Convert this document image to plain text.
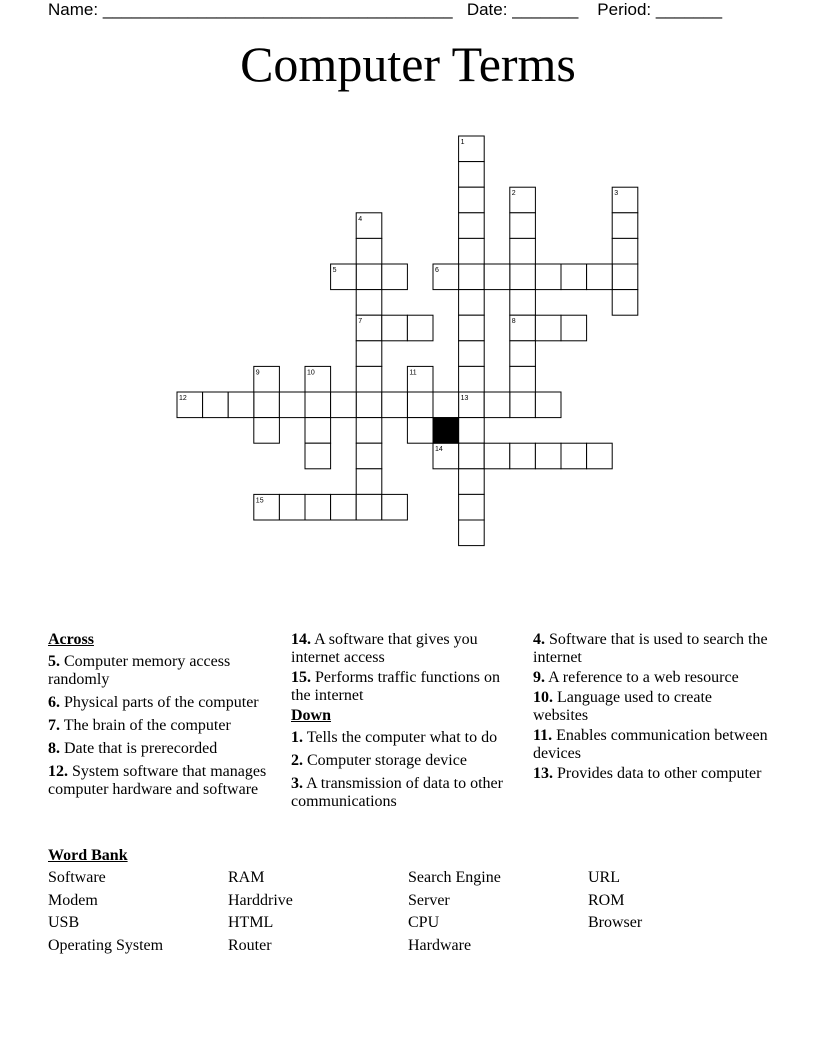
Name: _____________________________________ Date: _______ Period: _______
Computer Terms
1
2	3
4
5	6
7	8
9	10	11
12	13
14
15
Across
5. Computer memory access randomly
6. Physical parts of the computer
7. The brain of the computer
8. Date that is prerecorded
12. System software that manages computer hardware and software
14. A software that gives you internet access
15. Performs traffic functions on the internet
Down
1. Tells the computer what to do
2. Computer storage device
3. A transmission of data to other communications
4. Software that is used to search the internet
9. A reference to a web resource
10. Language used to create websites
11. Enables communication between devices
13. Provides data to other computer
Word Bank
Software	RAM	Search Engine	URL
Modem	Harddrive	Server	ROM
USB	HTML	CPU	Browser
Operating System	Router	Hardware
